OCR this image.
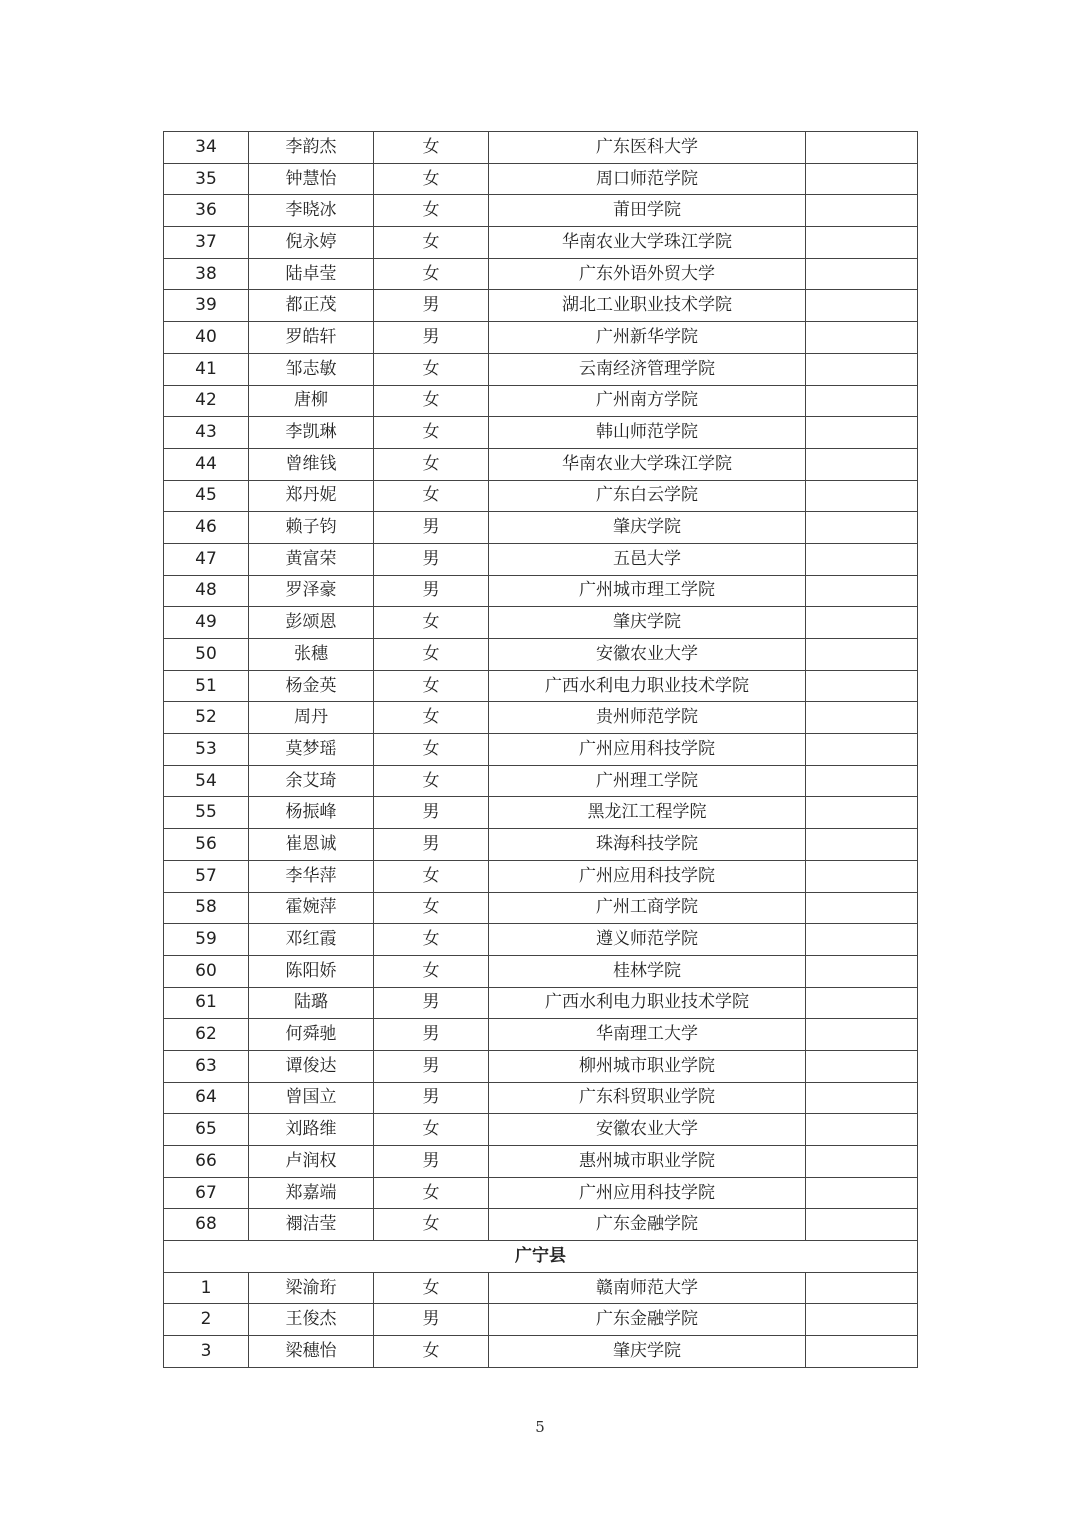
34	李韵杰	女	广东医科大学	
35	钟慧怡	女	周口师范学院	
36	李晓冰	女	莆田学院	
37	倪永婷	女	华南农业大学珠江学院	
38	陆卓莹	女	广东外语外贸大学	
39	都正茂	男	湖北工业职业技术学院	
40	罗皓轩	男	广州新华学院	
41	邹志敏	女	云南经济管理学院	
42	唐柳	女	广州南方学院	
43	李凯琳	女	韩山师范学院	
44	曾维钱	女	华南农业大学珠江学院	
45	郑丹妮	女	广东白云学院	
46	赖子钧	男	肇庆学院	
47	黄富荣	男	五邑大学	
48	罗泽豪	男	广州城市理工学院	
49	彭颂恩	女	肇庆学院	
50	张穗	女	安徽农业大学	
51	杨金英	女	广西水利电力职业技术学院	
52	周丹	女	贵州师范学院	
53	莫梦瑶	女	广州应用科技学院	
54	余艾琦	女	广州理工学院	
55	杨振峰	男	黑龙江工程学院	
56	崔恩诚	男	珠海科技学院	
57	李华萍	女	广州应用科技学院	
58	霍婉萍	女	广州工商学院	
59	邓红霞	女	遵义师范学院	
60	陈阳娇	女	桂林学院	
61	陆璐	男	广西水利电力职业技术学院	
62	何舜驰	男	华南理工大学	
63	谭俊达	男	柳州城市职业学院	
64	曾国立	男	广东科贸职业学院	
65	刘路维	女	安徽农业大学	
66	卢润权	男	惠州城市职业学院	
67	郑嘉端	女	广州应用科技学院	
68	禤洁莹	女	广东金融学院	
广宁县				
1	梁渝珩	女	赣南师范大学	
2	王俊杰	男	广东金融学院	
3	梁穗怡	女	肇庆学院	
5
